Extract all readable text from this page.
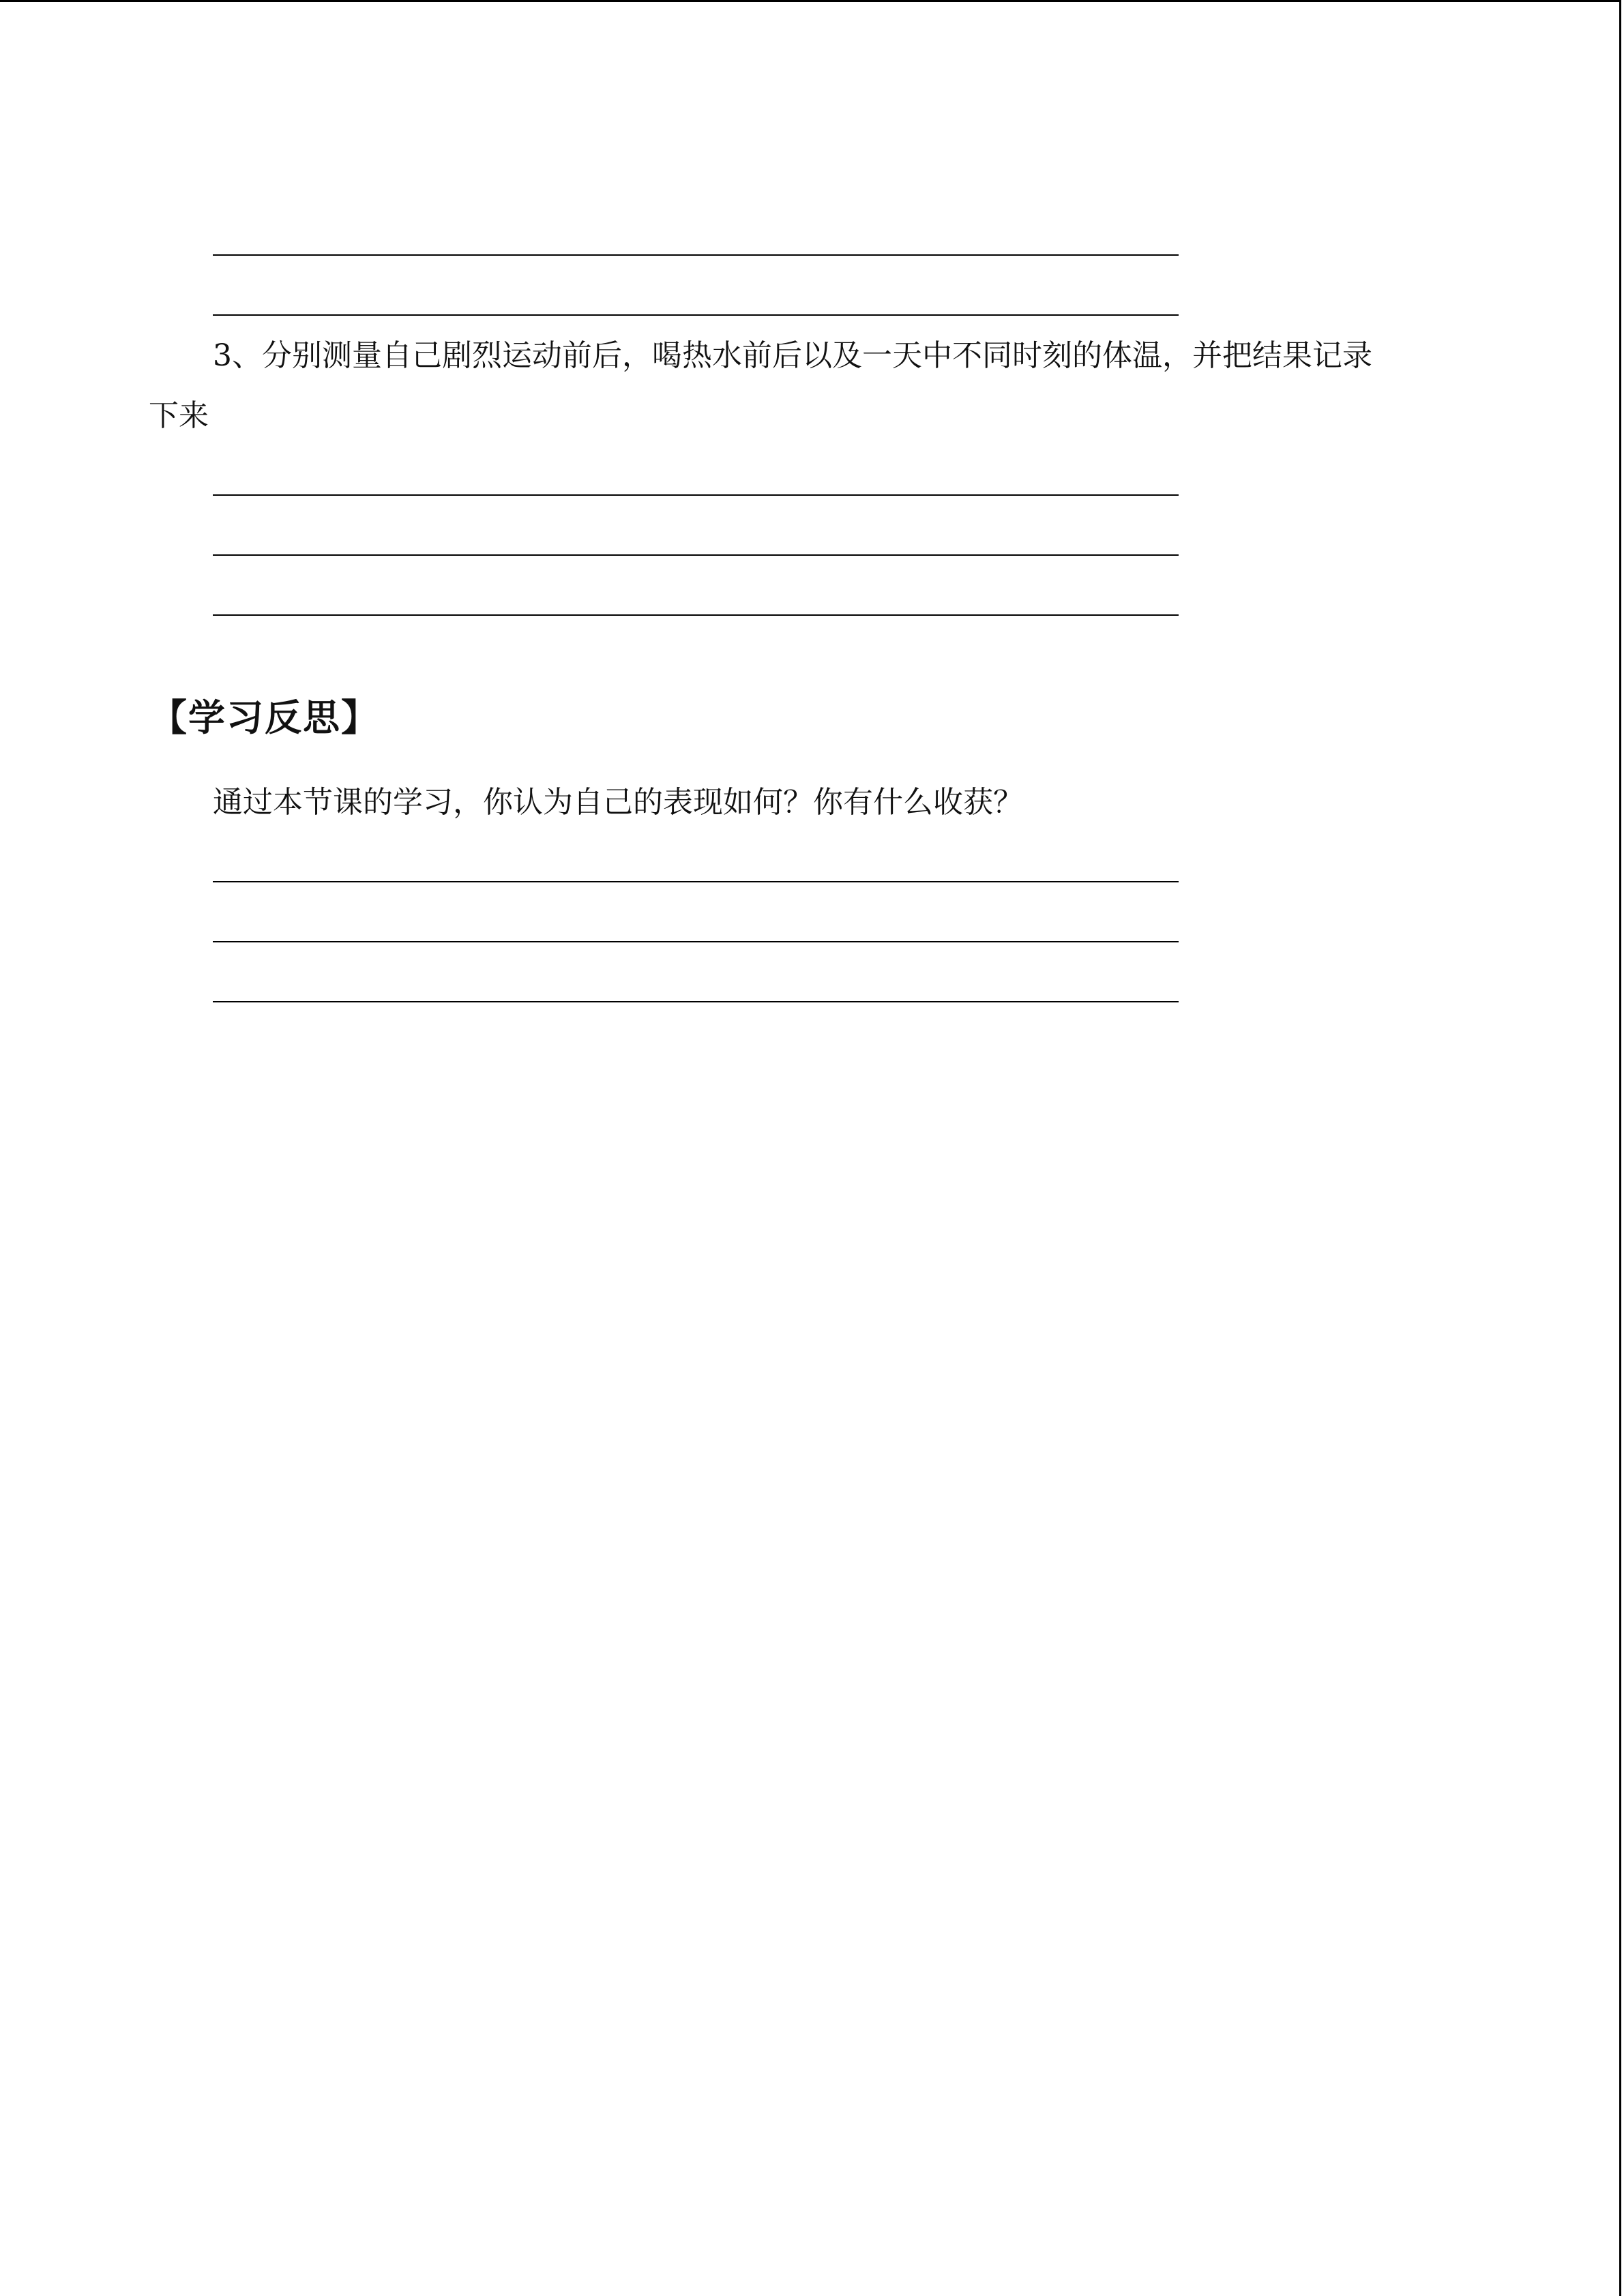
3、分别测量自己剧烈运动前后，喝热水前后以及一天中不同时刻的体温，并把结果记录
下来
【学习反思】
通过本节课的学习，你认为自己的表现如何？你有什么收获？
